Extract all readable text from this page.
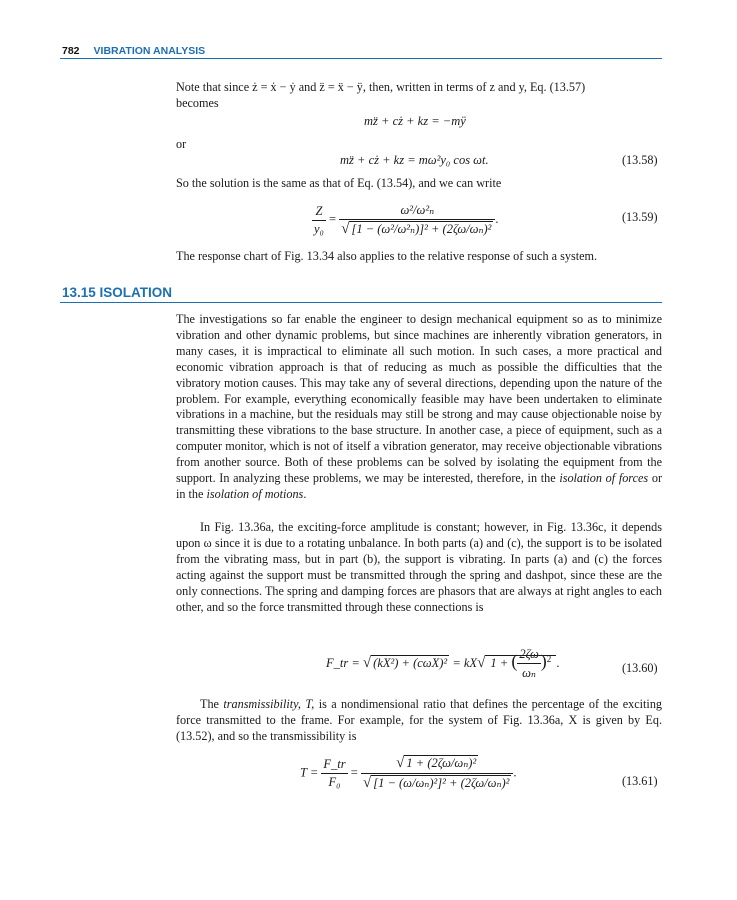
782 VIBRATION ANALYSIS
Note that since ż = ẋ − ẏ and z̈ = ẍ − ÿ, then, written in terms of z and y, Eq. (13.57)
becomes
mz̈ + cż + kz = −mÿ
or
mz̈ + cż + kz = mω²y₀ cos ωt.	(13.58)
So the solution is the same as that of Eq. (13.54), and we can write
$\frac{Z}{\text{y₀}} = \frac{\text{ω²/ω²ₙ}}{\text{√ [1 − (ω²/ω²ₙ)]² + (2ζω/ωₙ)²}}$ .	(13.59)
The response chart of Fig. 13.34 also applies to the relative response of such a system.
13.15 ISOLATION

The investigations so far enable the engineer to design mechanical equipment so as to minimize vibration and other dynamic problems, but since machines are inherently vibration generators, in many cases, it is impractical to eliminate all such motion. In such cases, a more practical and economic vibration approach is that of reducing as much as possible the difficulties that the vibratory motion causes. This may take any of several directions, depending upon the nature of the problem. For example, everything economically feasible may have been undertaken to eliminate vibrations in a machine, but the residuals may still be strong and may cause objectionable noise by transmitting these vibrations to the base structure. In another case, a piece of equipment, such as a computer monitor, which is not of itself a vibration generator, may receive objectionable vibrations from another source. Both of these problems can be solved by isolating the equipment from the support. In analyzing these problems, we may be interested, therefore, in the isolation of forces or in the isolation of motions.

In Fig. 13.36a, the exciting-force amplitude is constant; however, in Fig. 13.36c, it depends upon ω since it is due to a rotating unbalance. In both parts (a) and (c), the support is to be isolated from the vibrating mass, but in part (b), the support is vibrating. In parts (a) and (c) the forces acting against the support must be transmitted through the spring and dashpot, since these are the only connections. The spring and damping forces are phasors that are always at right angles to each other, and so the force transmitted through these connections is

F_tr = √ (kX²) + (cωX)² = kX√ 1 + ( $\frac{2\zeta\omega}{\text{ωₙ}} )^2$ .	(13.60)

The transmissibility, T, is a nondimensional ratio that defines the percentage of the exciting force transmitted to the frame. For example, for the system of Fig. 13.36a, X is given by Eq. (13.52), and so the transmissibility is

$T = \frac{F\_tr}{\text{F₀}} = \frac{\text{√ 1 + (2ζω/ωₙ)²}}{\text{√ [1 − (ω/ωₙ)²]² + (2ζω/ωₙ)²}}$ .
(13.61)
